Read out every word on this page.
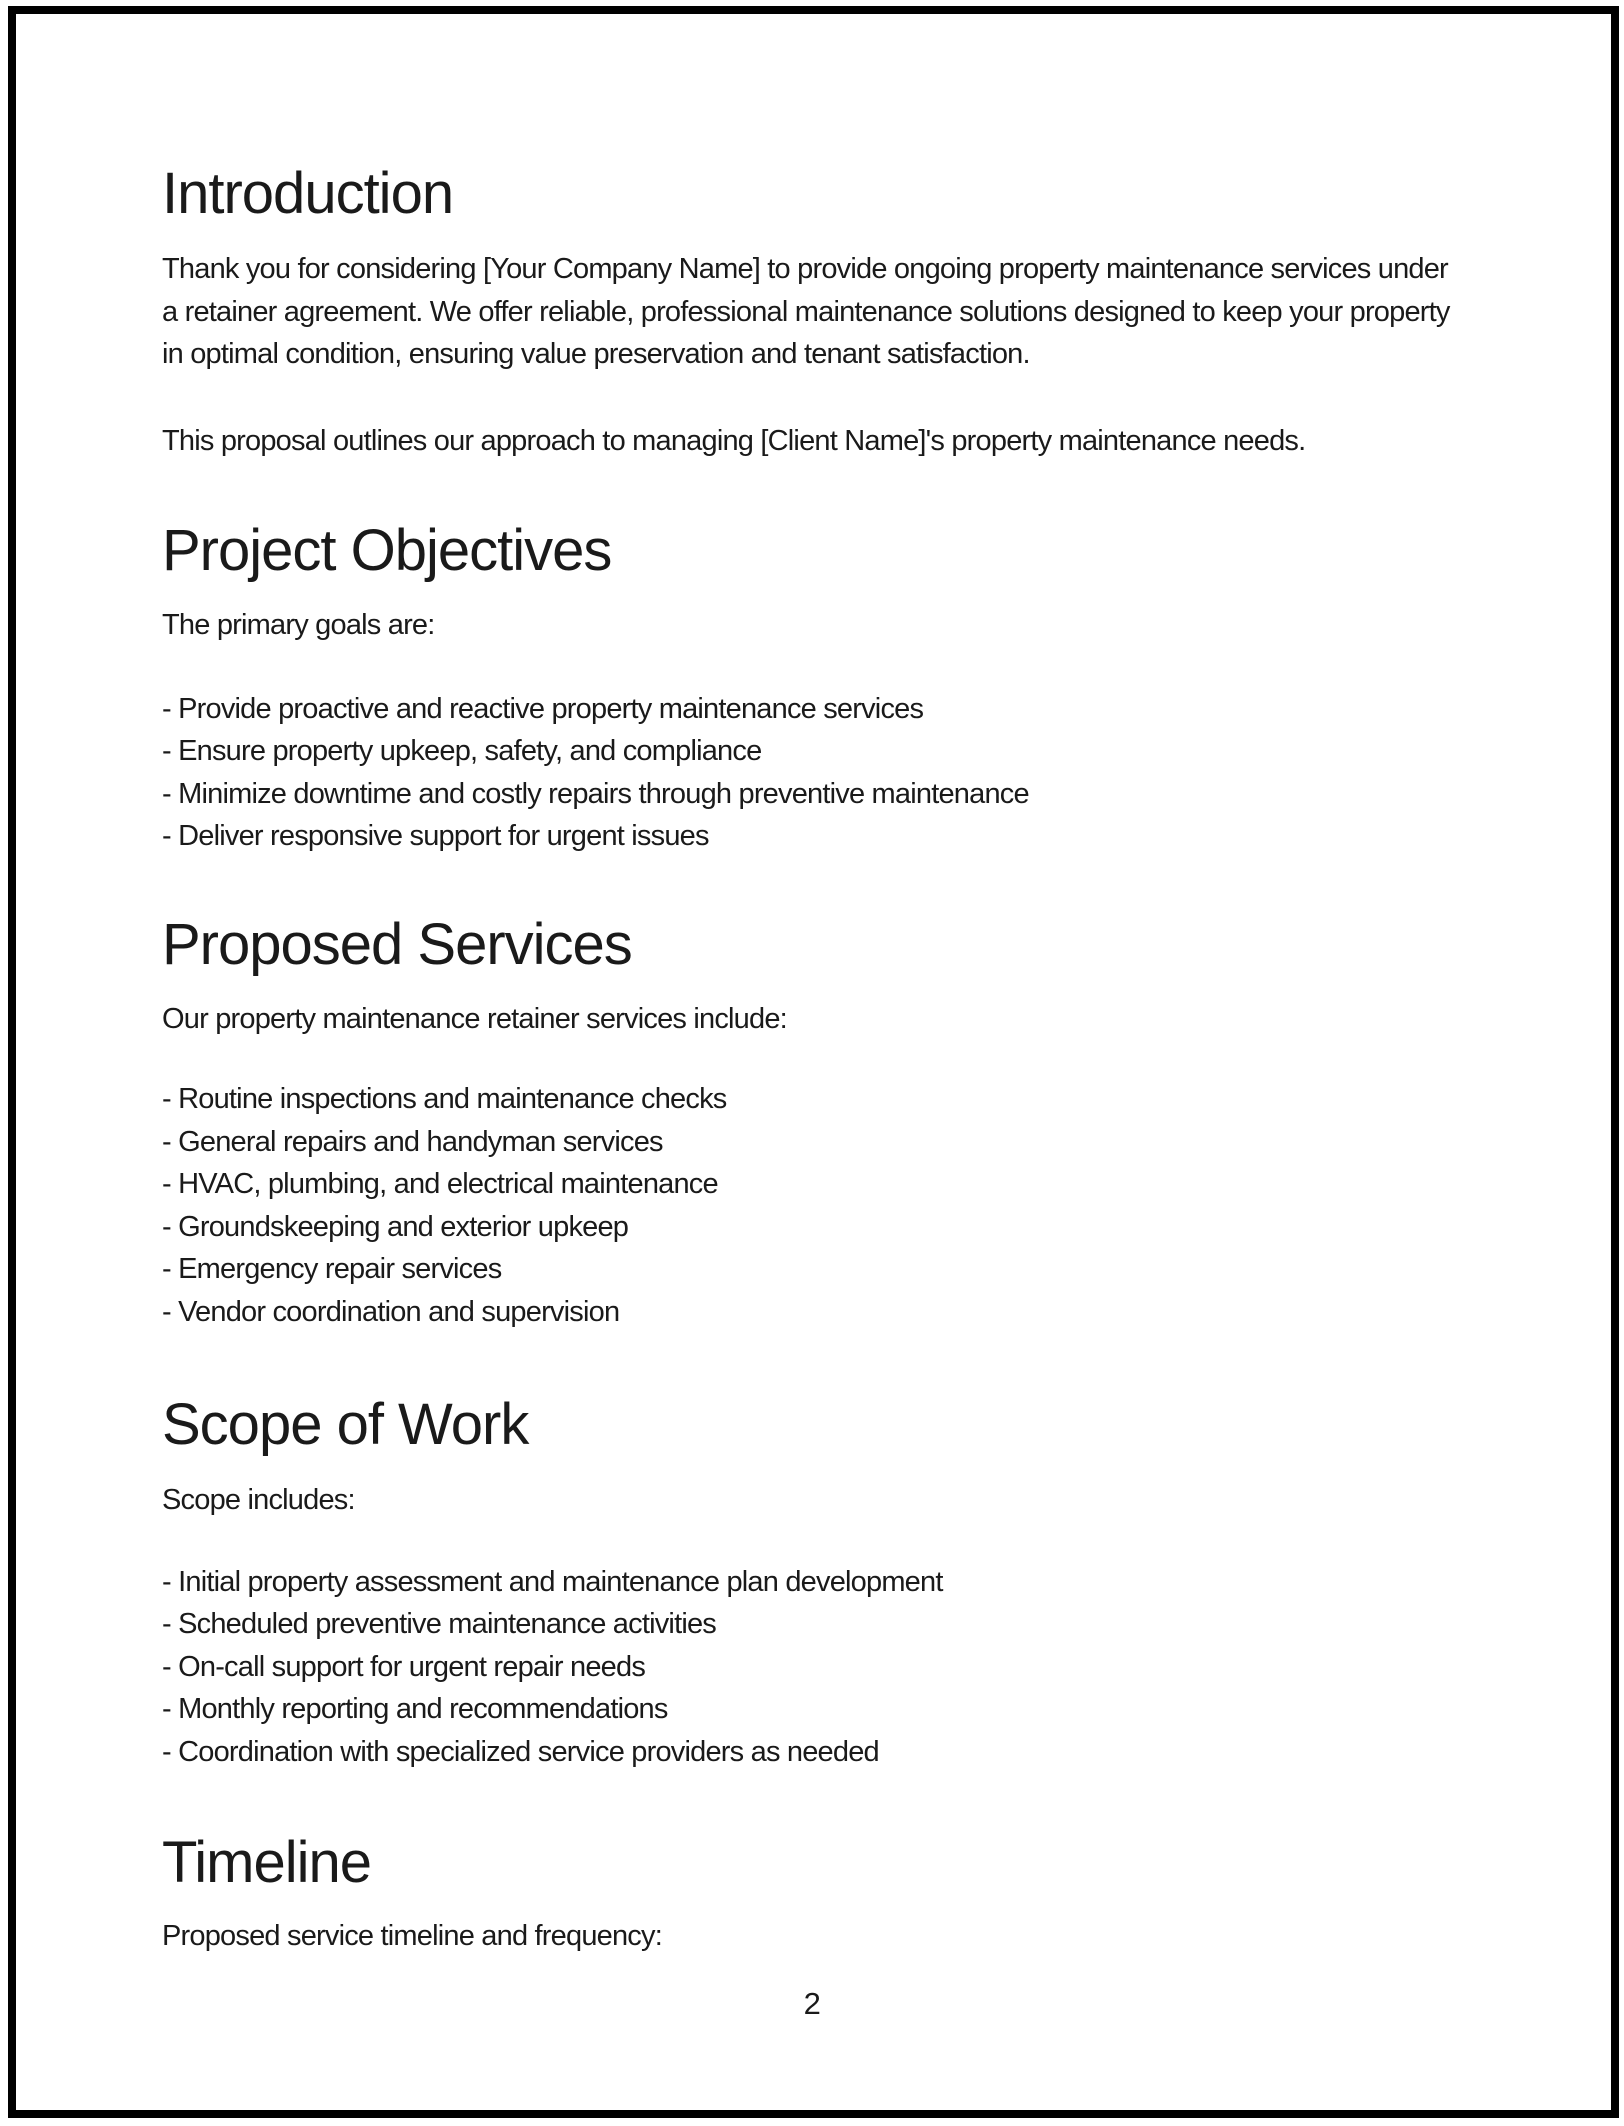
Introduction

Thank you for considering [Your Company Name] to provide ongoing property maintenance services under a retainer agreement. We offer reliable, professional maintenance solutions designed to keep your property in optimal condition, ensuring value preservation and tenant satisfaction.

This proposal outlines our approach to managing [Client Name]'s property maintenance needs.

Project Objectives

The primary goals are:

- Provide proactive and reactive property maintenance services
- Ensure property upkeep, safety, and compliance
- Minimize downtime and costly repairs through preventive maintenance
- Deliver responsive support for urgent issues
Proposed Services

Our property maintenance retainer services include:

- Routine inspections and maintenance checks
- General repairs and handyman services
- HVAC, plumbing, and electrical maintenance
- Groundskeeping and exterior upkeep
- Emergency repair services
- Vendor coordination and supervision
Scope of Work

Scope includes:

- Initial property assessment and maintenance plan development
- Scheduled preventive maintenance activities
- On-call support for urgent repair needs
- Monthly reporting and recommendations
- Coordination with specialized service providers as needed
Timeline

Proposed service timeline and frequency:

2
